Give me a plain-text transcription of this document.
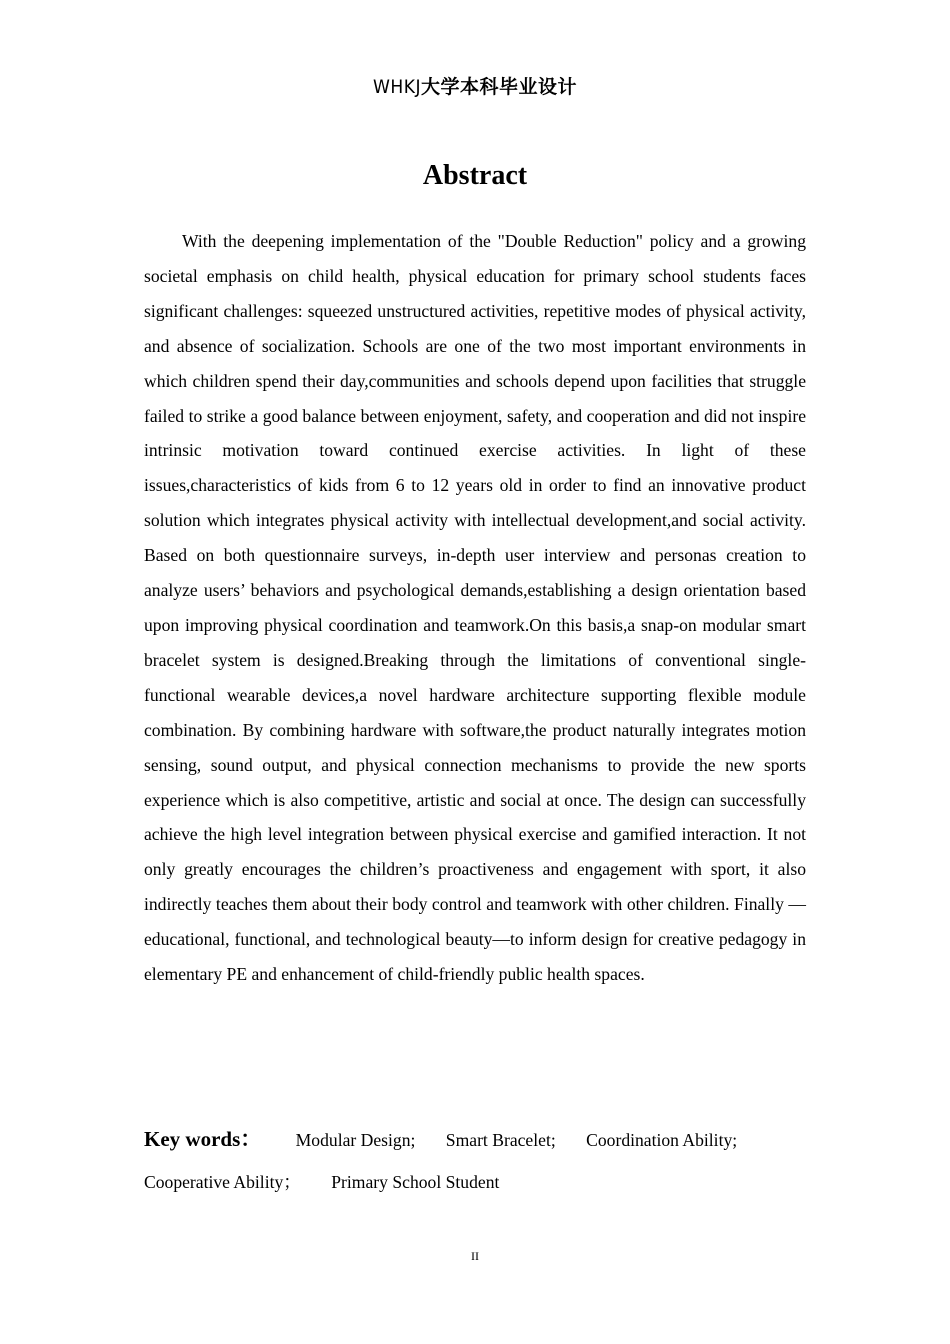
WHKJ大学本科毕业设计
Abstract

With the deepening implementation of the "Double Reduction" policy and a growing societal emphasis on child health, physical education for primary school students faces significant challenges: squeezed unstructured activities, repetitive modes of physical activity, and absence of socialization. Schools are one of the two most important environments in which children spend their day,communities and schools depend upon facilities that struggle failed to strike a good balance between enjoyment, safety, and cooperation and did not inspire intrinsic motivation toward continued exercise activities. In light of these issues,characteristics of kids from 6 to 12 years old in order to find an innovative product solution which integrates physical activity with intellectual development,and social activity. Based on both questionnaire surveys, in-depth user interview and personas creation to analyze users’ behaviors and psychological demands,establishing a design orientation based upon improving physical coordination and teamwork.On this basis,a snap-on modular smart bracelet system is designed.Breaking through the limitations of conventional single-functional wearable devices,a novel hardware architecture supporting flexible module combination. By combining hardware with software,the product naturally integrates motion sensing, sound output, and physical connection mechanisms to provide the new sports experience which is also competitive, artistic and social at once. The design can successfully achieve the high level integration between physical exercise and gamified interaction. It not only greatly encourages the children’s proactiveness and engagement with sport, it also indirectly teaches them about their body control and teamwork with other children. Finally — educational, functional, and technological beauty—to inform design for creative pedagogy in elementary PE and enhancement of child-friendly public health spaces.

Key words： Modular Design; Smart Bracelet; Coordination Ability;
Cooperative Ability； Primary School Student

II
